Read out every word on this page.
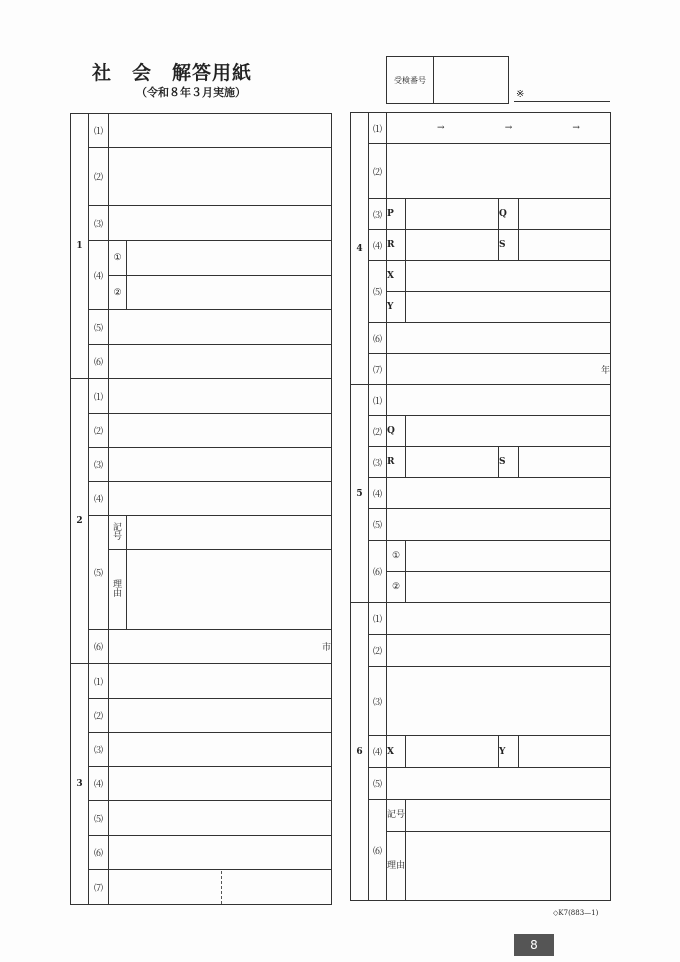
社　会　解答用紙
（令和８年３月実施）
受検番号
※
1	⑴		
	⑵		
	⑶		
	⑷	①	
		②	
	⑸		
	⑹		
2	⑴		
	⑵		
	⑶		
	⑷		
	⑸	記号	
		理由	
	⑹	市	
3	⑴		
	⑵		
	⑶		
	⑷		
	⑸		
	⑹		
	⑺		
4	⑴	→ → →			

	⑵				
	⑶	P		Q	
	⑷	R		S	
	⑸	X			
		Y			
	⑹				
	⑺	年			
5	⑴				
	⑵	Q			
	⑶	R		S	
	⑷				
	⑸				
	⑹	①			
		②			
6	⑴				
	⑵				
	⑶				
	⑷	X		Y	
	⑸				
	⑹	記号			
		理由			
◇K7(883—1)
8
